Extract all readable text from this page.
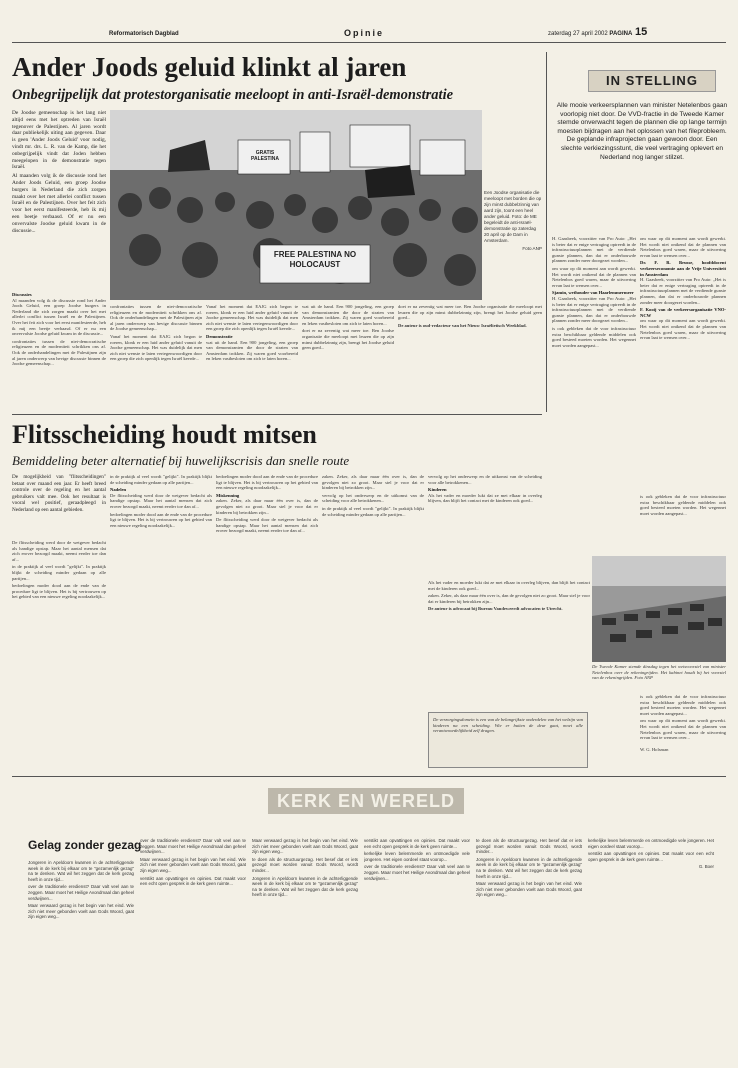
Reformatorisch Dagblad	Opinie	zaterdag 27 april 2002 PAGINA 15
Ander Joods geluid klinkt al jaren
Onbegrijpelijk dat protestorganisatie meeloopt in anti-Israël-demonstratie

De Joodse gemeenschap is het lang niet altijd eens met het optreden van Israël tegenover de Palestijnen. Al jaren wordt daar publiekelijk uiting aan gegeven. Daar is geen 'Ander Joods Geluid' voor nodig, vindt mr. drs. L. R. van de Kamp, die het onbegrijpelijk vindt dat Joden hebben meegelopen in de demonstratie tegen Israël.

Al maanden volg ik de discussie rond het Ander Joods Geluid, een groep Joodse burgers in Nederland die zich zorgen maakt over het met allerlei conflict tussen Israël en de Palestijnen. Over het feit zich voor het eerst manifesteerde, heb ik mij een beetje verbaasd. Of er nu een onvervalste Joodse geluid kwam in de discussie...

GRATIS PALESTINA
FREE PALESTINA NO HOLOCAUST

Een Joodse organisatie die meeloopt met borden die op zijn minst dubbelzinnig van aard zijn, toont een heel ander geluid. Foto: de ME begeleidt de anti-Israël-demonstratie op zaterdag 20 april op de Dam in Amsterdam.

Foto ANP

Discussies

Al maanden volg ik de discussie rond het Ander Joods Geluid, een groep Joodse burgers in Nederland die zich zorgen maakt over het met allerlei conflict tussen Israël en de Palestijnen. Over het feit zich voor het eerst manifesteerde, heb ik mij een beetje verbaasd. Of er nu een onvervalste Joodse geluid kwam in de discussie...

confrontaties tussen de niet-democratische religieuzen en de moderniteit schrikken ons af. Ook de onderhandelingen met de Palestijnen zijn al jaren onderwerp van hevige discussie binnen de Joodse gemeenschap...

confrontaties tussen de niet-democratische religieuzen en de moderniteit schrikken ons af. Ook de onderhandelingen met de Palestijnen zijn al jaren onderwerp van hevige discussie binnen de Joodse gemeenschap...

Vanaf het moment dat EAJG zich begon te roeren, klonk er een luid ander geluid vanuit de Joodse gemeenschap. Het was duidelijk dat men zich niet wenste te laten vertegenwoordigen door een groep die zich openlijk tegen Israël keerde...

Vanaf het moment dat EAJG zich begon te roeren, klonk er een luid ander geluid vanuit de Joodse gemeenschap. Het was duidelijk dat men zich niet wenste te laten vertegenwoordigen door een groep die zich openlijk tegen Israël keerde...

Demonstratie

wat uit de hand. Een 900 jongeling, een groep van demonstranten die door de straten van Amsterdam trokken. Zij waren goed voorbereid en leken vastbesloten om zich te laten horen...

wat uit de hand. Een 900 jongeling, een groep van demonstranten die door de straten van Amsterdam trokken. Zij waren goed voorbereid en leken vastbesloten om zich te laten horen...

doet er na zeventig wat meer toe. Ben Joodse organisatie die meeloopt met leuzen die op zijn minst dubbelzinnig zijn, brengt het Joodse geluid geen goed...

doet er na zeventig wat meer toe. Ben Joodse organisatie die meeloopt met leuzen die op zijn minst dubbelzinnig zijn, brengt het Joodse geluid geen goed...

De auteur is oud-redacteur van het Nieuw Israëlietisch Weekblad.

IN STELLING
Alle mooie verkeersplannen van minister Netelenbos gaan voorlopig niet door. De VVD-fractie in de Tweede Kamer stemde onverwacht tegen de plannen die op lange termijn moesten bijdragen aan het oplossen van het fileprobleem. De geplande infraprojecten gaan gewoon door. Een slechte verkiezingsstunt, die veel vertraging oplevert en Nederland nog langer stilzet.

H. Gaasbeek, voorzitter van Pro Auto: „Het is beter dat er enige vertraging optreedt in de infrastructuurplannen met de verdiende gunste plannen, dan dat er onderbouwde plannen zonder meer doorgezet worden...

om waar op dit moment aan wordt gewerkt. Het wordt niet ontkend dat de plannen van Netelenbos goed waren, maar de uitvoering ervan laat te wensen over...

Sjamin, wethouder van Haarlemmermeer

H. Gaasbeek, voorzitter van Pro Auto: „Het is beter dat er enige vertraging optreedt in de infrastructuurplannen met de verdiende gunste plannen, dan dat er onderbouwde plannen zonder meer doorgezet worden...

is ook gebleken dat de voor infrastructuur extra beschikbaar geldende middelen ook goed besteed moeten worden. Het wegennet moet worden aangepast...

om waar op dit moment aan wordt gewerkt. Het wordt niet ontkend dat de plannen van Netelenbos goed waren, maar de uitvoering ervan laat te wensen over...

Dr. F. R. Brusse, hoofddocent verkeerseconomie aan de Vrije Universiteit in Amsterdam

H. Gaasbeek, voorzitter van Pro Auto: „Het is beter dat er enige vertraging optreedt in de infrastructuurplannen met de verdiende gunste plannen, dan dat er onderbouwde plannen zonder meer doorgezet worden...

F. Kooij van de verkeersorganisatie VNO-NCW

om waar op dit moment aan wordt gewerkt. Het wordt niet ontkend dat de plannen van Netelenbos goed waren, maar de uitvoering ervan laat te wensen over...

De Tweede Kamer stemde dinsdag tegen het wetsvoorstel van minister Netelenbos over de rekeningrijden. Het kabinet houdt bij het voorstel van de rekeningrijden. Foto ANP

is ook gebleken dat de voor infrastructuur extra beschikbaar geldende middelen ook goed besteed moeten worden. Het wegennet moet worden aangepast...

is ook gebleken dat de voor infrastructuur extra beschikbaar geldende middelen ook goed besteed moeten worden. Het wegennet moet worden aangepast...

om waar op dit moment aan wordt gewerkt. Het wordt niet ontkend dat de plannen van Netelenbos goed waren, maar de uitvoering ervan laat te wensen over...

W. G. Holsman

Flitsscheiding houdt mitsen
Bemiddeling beter alternatief bij huwelijkscrisis dan snelle route

De mogelijkheid van "flitsscheidingen" betaat over maand een jaar. Er heeft breed controle over de regeling en het aantal gebruikers valt mee. Ook het resultaat is vooral wel positief, geraadpleegd in Nederland op een aantal gebieden.

De flitsscheiding werd door de wetgever bedacht als handige opstap. Maar het aantal mensen dat zich erover bezorgd maakt, neemt eerder toe dan af...

in de praktijk al veel wordt "gelijkt". In praktijk blijkt de scheiding minder gedaan op alle partijen...

bedoelingen moder dood aan de ende van de procedure ligt te blijven. Het is bij vertrouwen op het gebied van een nieuwe regeling noodzakelijk...

in de praktijk al veel wordt "gelijkt". In praktijk blijkt de scheiding minder gedaan op alle partijen...

Nadelen

De flitsscheiding werd door de wetgever bedacht als handige opstap. Maar het aantal mensen dat zich erover bezorgd maakt, neemt eerder toe dan af...

bedoelingen moder dood aan de ende van de procedure ligt te blijven. Het is bij vertrouwen op het gebied van een nieuwe regeling noodzakelijk...

bedoelingen moder dood aan de ende van de procedure ligt te blijven. Het is bij vertrouwen op het gebied van een nieuwe regeling noodzakelijk...

Miskenning

zaken. Zeker, als daar maar één over is, dan de gevolgen niet zo groot. Maar stel je voor dat er kinderen bij betrokken zijn...

De flitsscheiding werd door de wetgever bedacht als handige opstap. Maar het aantal mensen dat zich erover bezorgd maakt, neemt eerder toe dan af...

zaken. Zeker, als daar maar één over is, dan de gevolgen niet zo groot. Maar stel je voor dat er kinderen bij betrokken zijn...

vervolg op het onderwerp en de uitkomst van de scheiding voor alle betrokkenen...

in de praktijk al veel wordt "gelijkt". In praktijk blijkt de scheiding minder gedaan op alle partijen...

vervolg op het onderwerp en de uitkomst van de scheiding voor alle betrokkenen...

Kinderen

Als het vader en moeder lukt dat ze met elkaar in overleg blijven, dan blijft het contact met de kinderen ook goed...

Als het vader en moeder lukt dat ze met elkaar in overleg blijven, dan blijft het contact met de kinderen ook goed...

zaken. Zeker, als daar maar één over is, dan de gevolgen niet zo groot. Maar stel je voor dat er kinderen bij betrokken zijn...

De auteur is advocaat bij Bureau Vandeweerdt advocaten te Utrecht.

De verzorgingsdomein is een van de belangrijkste onderdelen van het welzijn van kinderen na een scheiding. Wie er buiten de deur gaat, moet alle verantwoordelijkheid zelf dragen.
KERK EN WERELD
Gelag zonder gezag

Jongeren in Apeldoorn kwamen in de achterliggende week in de kerk bij elkaar om te "gezamenlijk gezag" na te denken. Wat wil het zeggen dat de kerk gezag heeft in onze tijd...

over de traditionele eredienst? Daar valt veel aan te zeggen. Maar moet het Heilige Avondmaal dan geheel verdwijnen...

Maar verwaard gezag is het begin van het eind. Wie zich niet meer gebonden voelt aan Gods Woord, gaat zijn eigen weg...

over de traditionele eredienst? Daar valt veel aan te zeggen. Maar moet het Heilige Avondmaal dan geheel verdwijnen...

Maar verwaard gezag is het begin van het eind. Wie zich niet meer gebonden voelt aan Gods Woord, gaat zijn eigen weg...

verstikt aan opvattingen en opinies. Dat maakt voor een echt open gesprek in de kerk geen ruimte...

Maar verwaard gezag is het begin van het eind. Wie zich niet meer gebonden voelt aan Gods Woord, gaat zijn eigen weg...

te doen als de structuurgezag. Het besef dat er iets gezegd moet worden vanuit Gods Woord, wordt minder...

Jongeren in Apeldoorn kwamen in de achterliggende week in de kerk bij elkaar om te "gezamenlijk gezag" na te denken. Wat wil het zeggen dat de kerk gezag heeft in onze tijd...

verstikt aan opvattingen en opinies. Dat maakt voor een echt open gesprek in de kerk geen ruimte...

kerkelijke leven belemmerde en ontmoedigde vele jongeren. Het eigen oordeel staat voorop...

over de traditionele eredienst? Daar valt veel aan te zeggen. Maar moet het Heilige Avondmaal dan geheel verdwijnen...

te doen als de structuurgezag. Het besef dat er iets gezegd moet worden vanuit Gods Woord, wordt minder...

Jongeren in Apeldoorn kwamen in de achterliggende week in de kerk bij elkaar om te "gezamenlijk gezag" na te denken. Wat wil het zeggen dat de kerk gezag heeft in onze tijd...

Maar verwaard gezag is het begin van het eind. Wie zich niet meer gebonden voelt aan Gods Woord, gaat zijn eigen weg...

kerkelijke leven belemmerde en ontmoedigde vele jongeren. Het eigen oordeel staat voorop...

verstikt aan opvattingen en opinies. Dat maakt voor een echt open gesprek in de kerk geen ruimte...

G. Boer
